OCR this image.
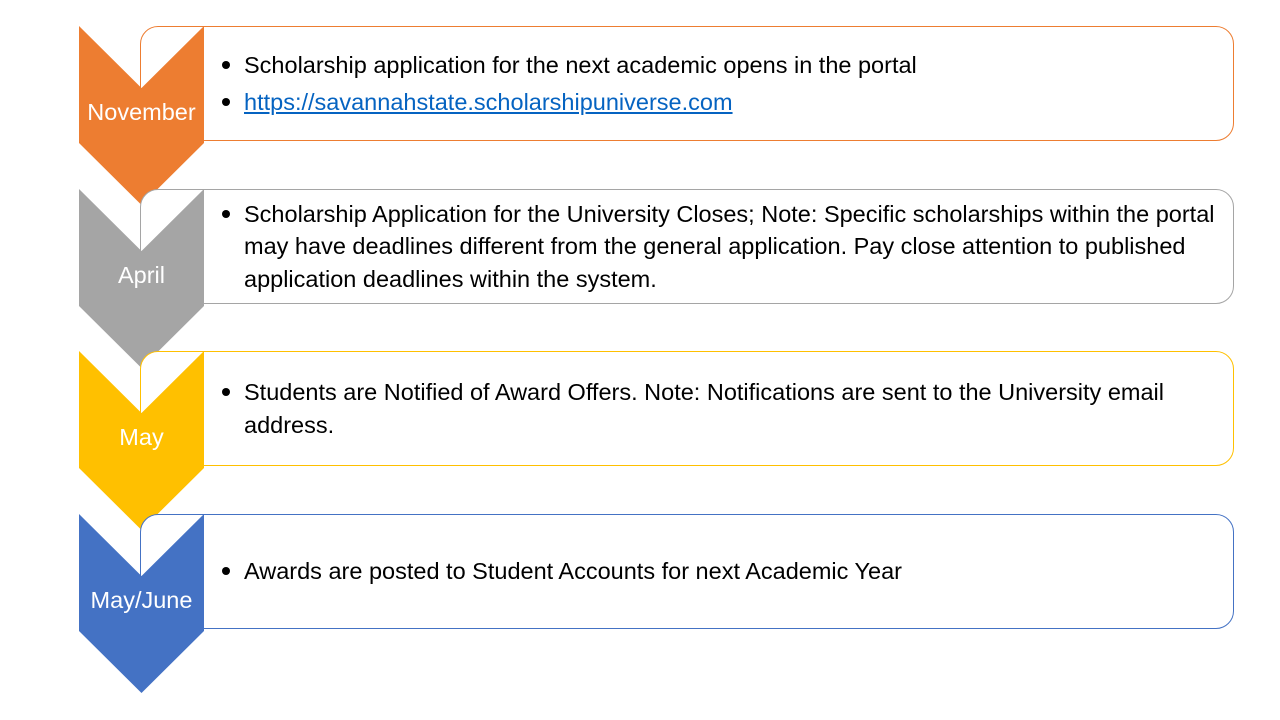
November
Scholarship application for the next academic opens in the portal
https://savannahstate.scholarshipuniverse.com
April
Scholarship Application for the University Closes; Note: Specific scholarships within the portal may have deadlines different from the general application. Pay close attention to published application deadlines within the system.
May
Students are Notified of Award Offers. Note: Notifications are sent to the University email address.
May/June
Awards are posted to Student Accounts for next Academic Year
